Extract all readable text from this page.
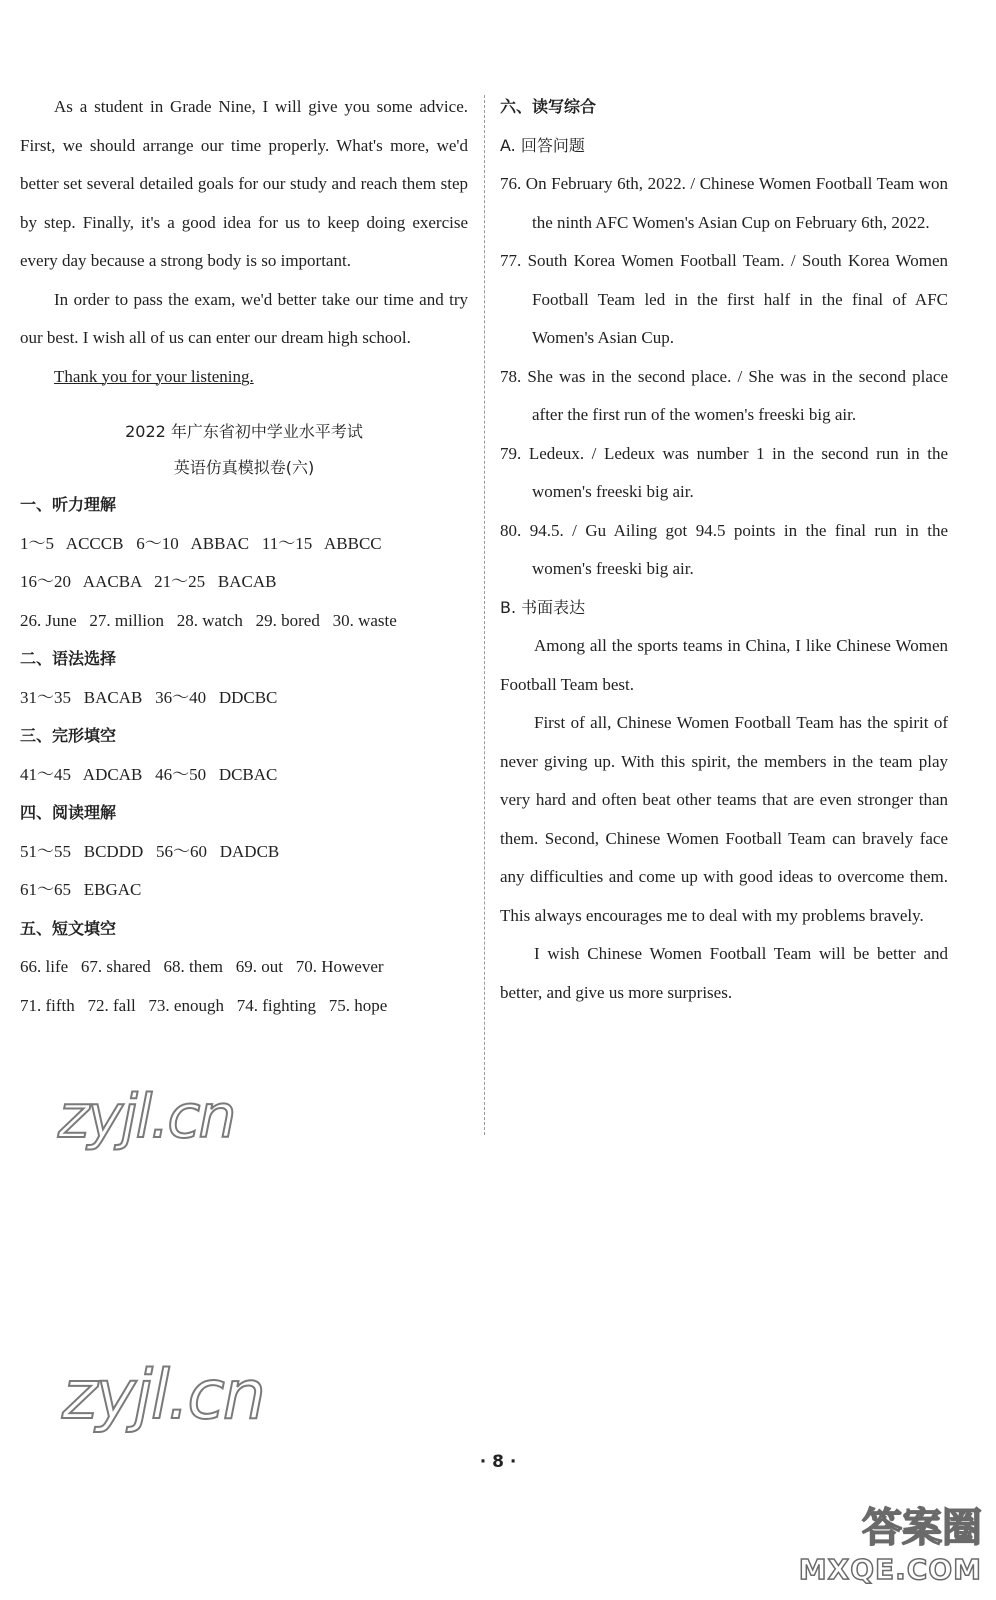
As a student in Grade Nine, I will give you some advice. First, we should arrange our time properly. What's more, we'd better set several detailed goals for our study and reach them step by step. Finally, it's a good idea for us to keep doing exercise every day because a strong body is so important.

In order to pass the exam, we'd better take our time and try our best. I wish all of us can enter our dream high school.

Thank you for your listening.

2022 年广东省初中学业水平考试

英语仿真模拟卷(六)

一、听力理解

1～5   ACCCB   6～10   ABBAC   11～15   ABBCC

16～20   AACBA   21～25   BACAB

26. June   27. million   28. watch   29. bored   30. waste

二、语法选择

31～35   BACAB   36～40   DDCBC

三、完形填空

41～45   ADCAB   46～50   DCBAC

四、阅读理解

51～55   BCDDD   56～60   DADCB

61～65   EBGAC

五、短文填空

66. life   67. shared   68. them   69. out   70. However

71. fifth   72. fall   73. enough   74. fighting   75. hope

六、读写综合

A. 回答问题

76. On February 6th, 2022. / Chinese Women Football Team won the ninth AFC Women's Asian Cup on February 6th, 2022.

77. South Korea Women Football Team. / South Korea Women Football Team led in the first half in the final of AFC Women's Asian Cup.

78. She was in the second place. / She was in the second place after the first run of the women's freeski big air.

79. Ledeux. / Ledeux was number 1 in the second run in the women's freeski big air.

80. 94.5. / Gu Ailing got 94.5 points in the final run in the women's freeski big air.

B. 书面表达

Among all the sports teams in China, I like Chinese Women Football Team best.

First of all, Chinese Women Football Team has the spirit of never giving up. With this spirit, the members in the team play very hard and often beat other teams that are even stronger than them. Second, Chinese Women Football Team can bravely face any difficulties and come up with good ideas to overcome them. This always encourages me to deal with my problems bravely.

I wish Chinese Women Football Team will be better and better, and give us more surprises.

· 8 ·
zyjl.cn
zyjl.cn
答案圈
MXQE.COM
